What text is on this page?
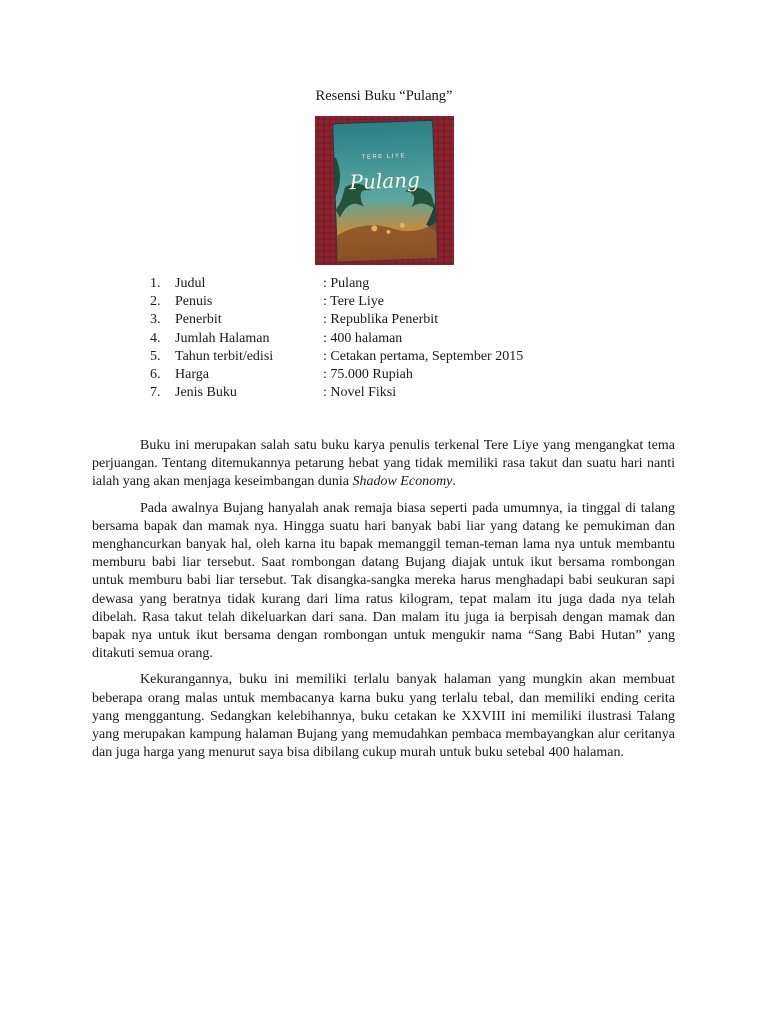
Resensi Buku “Pulang”
TERE LIYE
Pulang
1.	Judul	: Pulang
2.	Penuis	: Tere Liye
3.	Penerbit	: Republika Penerbit
4.	Jumlah Halaman	: 400 halaman
5.	Tahun terbit/edisi	: Cetakan pertama, September 2015
6.	Harga	: 75.000 Rupiah
7.	Jenis Buku	: Novel Fiksi

Buku ini merupakan salah satu buku karya penulis terkenal Tere Liye yang mengangkat tema perjuangan. Tentang ditemukannya petarung hebat yang tidak memiliki rasa takut dan suatu hari nanti ialah yang akan menjaga keseimbangan dunia Shadow Economy.

Pada awalnya Bujang hanyalah anak remaja biasa seperti pada umumnya, ia tinggal di talang bersama bapak dan mamak nya. Hingga suatu hari banyak babi liar yang datang ke pemukiman dan menghancurkan banyak hal, oleh karna itu bapak memanggil teman-teman lama nya untuk membantu memburu babi liar tersebut. Saat rombongan datang Bujang diajak untuk ikut bersama rombongan untuk memburu babi liar tersebut. Tak disangka-sangka mereka harus menghadapi babi seukuran sapi dewasa yang beratnya tidak kurang dari lima ratus kilogram, tepat malam itu juga dada nya telah dibelah. Rasa takut telah dikeluarkan dari sana. Dan malam itu juga ia berpisah dengan mamak dan bapak nya untuk ikut bersama dengan rombongan untuk mengukir nama “Sang Babi Hutan” yang ditakuti semua orang.

Kekurangannya, buku ini memiliki terlalu banyak halaman yang mungkin akan membuat beberapa orang malas untuk membacanya karna buku yang terlalu tebal, dan memiliki ending cerita yang menggantung. Sedangkan kelebihannya, buku cetakan ke XXVIII ini memiliki ilustrasi Talang yang merupakan kampung halaman Bujang yang memudahkan pembaca membayangkan alur ceritanya dan juga harga yang menurut saya bisa dibilang cukup murah untuk buku setebal 400 halaman.
